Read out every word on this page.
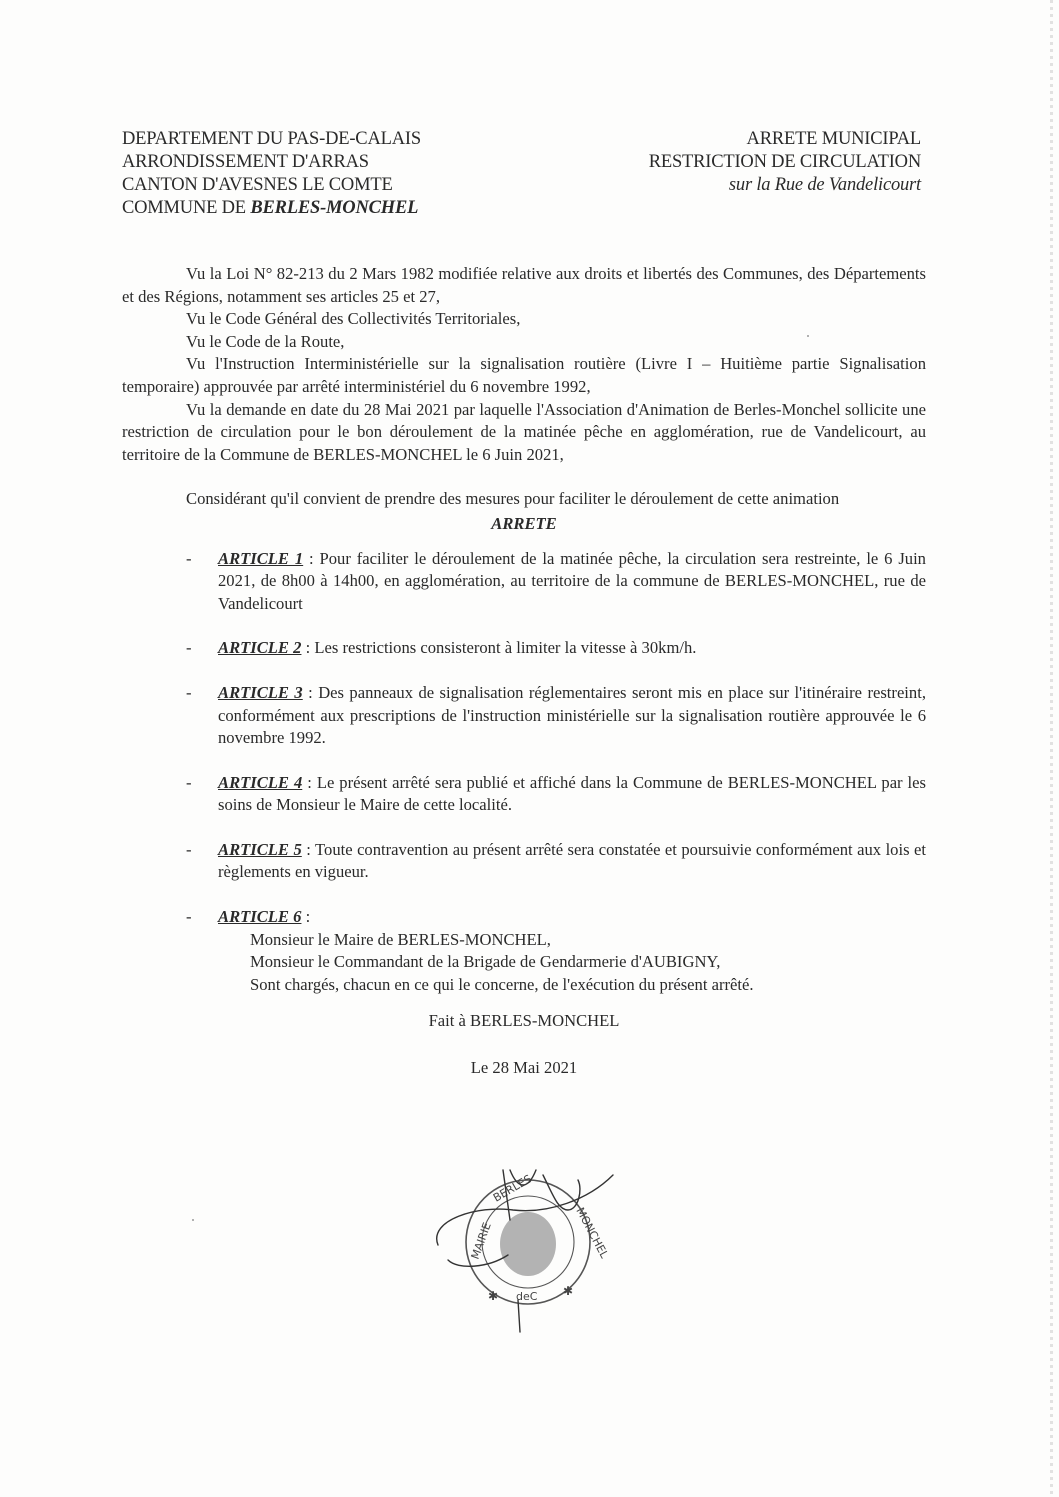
DEPARTEMENT DU PAS-DE-CALAIS
ARRONDISSEMENT D'ARRAS
CANTON D'AVESNES LE COMTE
COMMUNE DE BERLES-MONCHEL
ARRETE MUNICIPAL
RESTRICTION DE CIRCULATION
sur la Rue de Vandelicourt

Vu la Loi N° 82-213 du 2 Mars 1982 modifiée relative aux droits et libertés des Communes, des Départements et des Régions, notamment ses articles 25 et 27,

Vu le Code Général des Collectivités Territoriales,

Vu le Code de la Route,

Vu l'Instruction Interministérielle sur la signalisation routière (Livre I – Huitième partie Signalisation temporaire) approuvée par arrêté interministériel du 6 novembre 1992,

Vu la demande en date du 28 Mai 2021 par laquelle l'Association d'Animation de Berles-Monchel sollicite une restriction de circulation pour le bon déroulement de la matinée pêche en agglomération, rue de Vandelicourt, au territoire de la Commune de BERLES-MONCHEL le 6 Juin 2021,

Considérant qu'il convient de prendre des mesures pour faciliter le déroulement de cette animation

ARRETE

- ARTICLE 1 : Pour faciliter le déroulement de la matinée pêche, la circulation sera restreinte, le 6 Juin 2021, de 8h00 à 14h00, en agglomération, au territoire de la commune de BERLES-MONCHEL, rue de Vandelicourt
- ARTICLE 2 : Les restrictions consisteront à limiter la vitesse à 30km/h.
- ARTICLE 3 : Des panneaux de signalisation réglementaires seront mis en place sur l'itinéraire restreint, conformément aux prescriptions de l'instruction ministérielle sur la signalisation routière approuvée le 6 novembre 1992.
- ARTICLE 4 : Le présent arrêté sera publié et affiché dans la Commune de BERLES-MONCHEL par les soins de Monsieur le Maire de cette localité.
- ARTICLE 5 : Toute contravention au présent arrêté sera constatée et poursuivie conformément aux lois et règlements en vigueur.
- ARTICLE 6 :
Monsieur le Maire de BERLES-MONCHEL,
Monsieur le Commandant de la Brigade de Gendarmerie d'AUBIGNY,
Sont chargés, chacun en ce qui le concerne, de l'exécution du présent arrêté.

Fait à BERLES-MONCHEL

Le 28 Mai 2021

MAIRIE
BERLES
MONCHEL
deC
✱	✱
